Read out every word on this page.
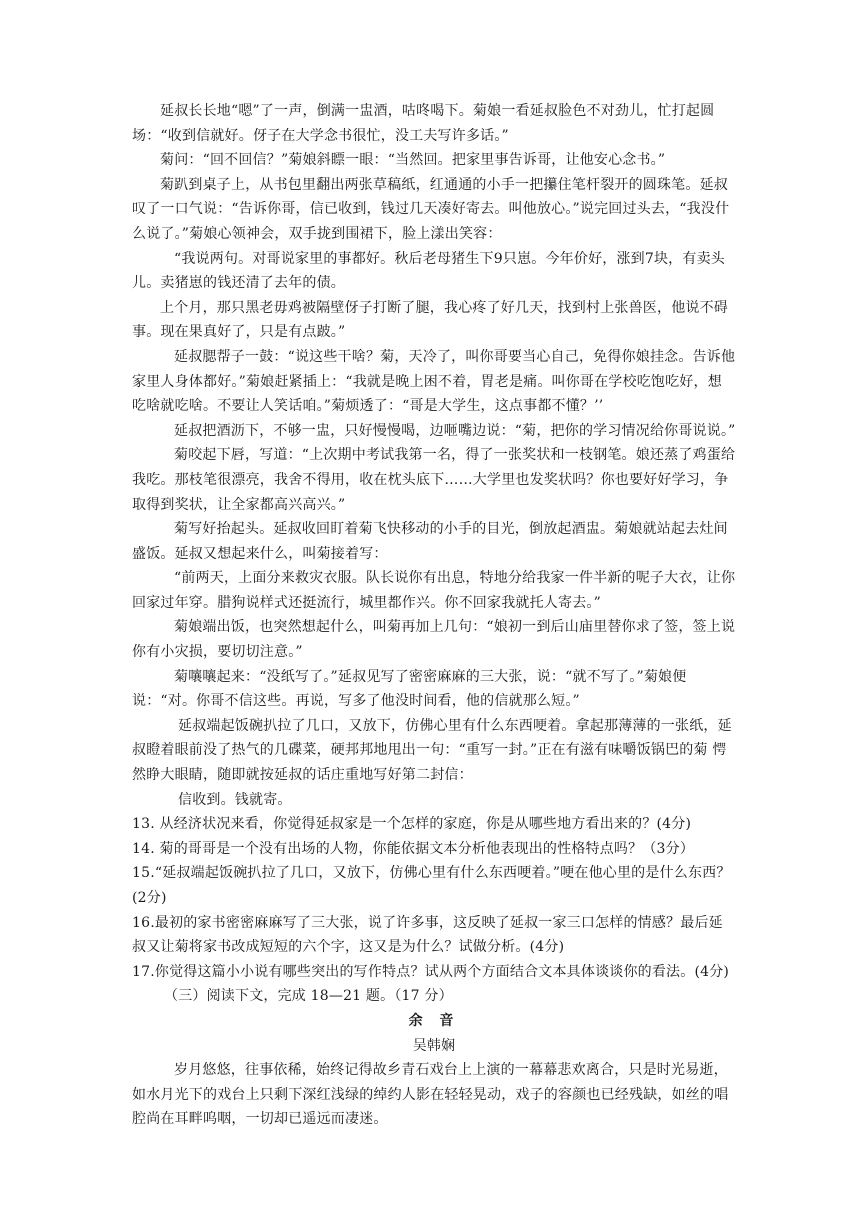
延叔长长地“嗯”了一声，倒满一盅酒，咕咚喝下。菊娘一看延叔脸色不对劲儿，忙打起圆场：“收到信就好。伢子在大学念书很忙，没工夫写许多话。”

菊问：“回不回信？”菊娘斜瞟一眼：“当然回。把家里事告诉哥，让他安心念书。”

菊趴到桌子上，从书包里翻出两张草稿纸，红通通的小手一把攥住笔杆裂开的圆珠笔。延叔叹了一口气说：“告诉你哥，信已收到，钱过几天凑好寄去。叫他放心。”说完回过头去，“我没什么说了。”菊娘心领神会，双手拢到围裙下，脸上漾出笑容：

“我说两句。对哥说家里的事都好。秋后老母猪生下9只崽。今年价好，涨到7块，有卖头儿。卖猪崽的钱还清了去年的债。

上个月，那只黑老毋鸡被隔壁伢子打断了腿，我心疼了好几天，找到村上张兽医，他说不碍事。现在果真好了，只是有点跛。”

延叔腮帮子一鼓：“说这些干啥？菊，天冷了，叫你哥要当心自己，免得你娘挂念。告诉他家里人身体都好。”菊娘赶紧插上：“我就是晚上困不着，胃老是痛。叫你哥在学校吃饱吃好，想吃啥就吃啥。不要让人笑话咱。”菊烦透了：“哥是大学生，这点事都不懂？’’

延叔把酒沥下，不够一盅，只好慢慢喝，边咂嘴边说：“菊，把你的学习情况给你哥说说。”

菊咬起下唇，写道：“上次期中考试我第一名，得了一张奖状和一枝钢笔。娘还蒸了鸡蛋给我吃。那枝笔很漂亮，我舍不得用，收在枕头底下……大学里也发奖状吗？你也要好好学习，争取得到奖状，让全家都高兴高兴。”

菊写好抬起头。延叔收回盯着菊飞快移动的小手的目光，倒放起酒盅。菊娘就站起去灶间盛饭。延叔又想起来什么，叫菊接着写：

“前两天，上面分来救灾衣服。队长说你有出息，特地分给我家一件半新的呢子大衣，让你回家过年穿。腊狗说样式还挺流行，城里都作兴。你不回家我就托人寄去。”

菊娘端出饭，也突然想起什么，叫菊再加上几句：“娘初一到后山庙里替你求了签，签上说你有小灾损，要切切注意。”

菊嚷嚷起来：“没纸写了。”延叔见写了密密麻麻的三大张，说：“就不写了。”菊娘便说：“对。你哥不信这些。再说，写多了他没时间看，他的信就那么短。”

延叔端起饭碗扒拉了几口，又放下，仿佛心里有什么东西哽着。拿起那薄薄的一张纸，延叔瞪着眼前没了热气的几碟菜，硬邦邦地甩出一句：“重写一封。”正在有滋有味嚼饭锅巴的菊 愕然睁大眼睛，随即就按延叔的话庄重地写好第二封信：

信收到。钱就寄。

13. 从经济状况来看，你觉得延叔家是一个怎样的家庭，你是从哪些地方看出来的？(4分)

14. 菊的哥哥是一个没有出场的人物，你能依据文本分析他表现出的性格特点吗？（3分）

15.“延叔端起饭碗扒拉了几口，又放下，仿佛心里有什么东西哽着。”哽在他心里的是什么东西？(2分)

16.最初的家书密密麻麻写了三大张，说了许多事，这反映了延叔一家三口怎样的情感？最后延叔又让菊将家书改成短短的六个字，这又是为什么？试做分析。(4分)

17.你觉得这篇小小说有哪些突出的写作特点？试从两个方面结合文本具体谈谈你的看法。(4分)

（三）阅读下文，完成 18—21 题。（17 分）

余 音

吴韩娴

岁月悠悠，往事依稀，始终记得故乡青石戏台上上演的一幕幕悲欢离合，只是时光易逝，如水月光下的戏台上只剩下深红浅绿的绰约人影在轻轻晃动，戏子的容颜也已经残缺，如丝的唱腔尚在耳畔呜咽，一切却已遥远而凄迷。
